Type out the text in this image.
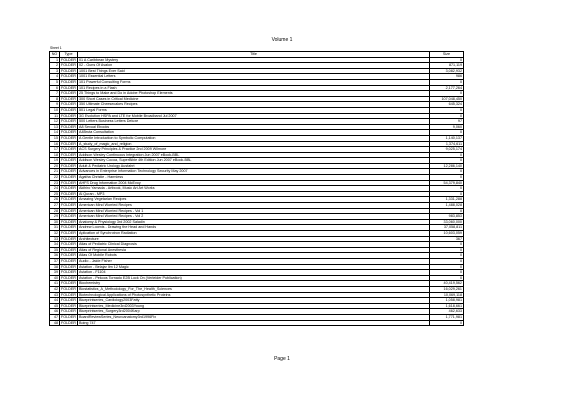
Volume 1
Sheet 1
NO	Type	Title	Size
1	FOLDER	01 A Caribbean Mystery	0
2	FOLDER	02 - Guns Of Avalon	871,119
3	FOLDER	1001 Best Things Ever Said	3,082,932
4	FOLDER	1001 Essential Letters	986
5	FOLDER	101 Powerful Consulting Forms	0
6	FOLDER	101 Recipes in a Flash	2,177,264
7	FOLDER	25 Things to Make and Do in Adobe Photoshop Elements	0
8	FOLDER	300 Short Cases in Critical Medicine	107,048,450
9	FOLDER	350 Ultimate Cheesecakes Recipes	645,324
10	FOLDER	501 Legal Forms	0
11	FOLDER	3G Evolution HSPA and LTE for Mobile Broadband Jul 2007	0
12	FOLDER	500 Letters Business Letters Deluxe	97
13	FOLDER	A8 Sexual Ebooks	9,060
14	FOLDER	A4Bruta Consultation	0
15	FOLDER	A Gentle Introduction to Symbolic Computation	1,140,137
16	FOLDER	A_study_of_magic_and_religion	1,374,611
17	FOLDER	ACS Surgery Principles & Practice 2nd 2009 Wilmore	9,025,174
18	FOLDER	Addison Wesley Continuous Integration Jun 2007 eBook-BBL	0
19	FOLDER	Addison Wesley Cocoa, SuperBible 4th Edition Jun 2007 eBook-BBL	0
20	FOLDER	Adult & Pediatric Urology Ausfahrt	12,286,140
21	FOLDER	Advances in Enterprise Information Technology Security May 2007	0
22	FOLDER	Agatha Christie - Harmless	0
23	FOLDER	AHFS Drug Information 2004 McEvoy	54,379,840
24	FOLDER	Akihiro Yamada - Artbook, Music Art Art Works	0
25	FOLDER	Al Quran - MP3	0
26	FOLDER	Amazing Vegetarian Recipes	1,331,288
27	FOLDER	American Mind Worried Recipes	1,488,028
28	FOLDER	American Mind Worried Recipes - Vol 1	0
29	FOLDER	American Mind Worried Recipes - Vol 2	983,853
30	FOLDER	Anatomy & Physiology 3rd 2002 Saladin	33,060,000
31	FOLDER	Andrew Loomis - Drawing the Head and Hands	37,058,811
32	FOLDER	Aplication of Synchrotron Radiation	10,603,059
33	FOLDER	Architecture	367
34	FOLDER	Atlas of Pediatric Clinical Diagnosis	0
35	FOLDER	Atlas of Regional Anesthesia	0
36	FOLDER	Atlas Of Mobile Robots	0
37	FOLDER	Audio - Jaide Fisher	0
38	FOLDER	Aviation - Belajar Ilm 12 Magic	0
39	FOLDER	Aviation - F1104	0
40	FOLDER	Aviation - Pekoos Tornado E2B Lock On (Verleider Publication)	0
41	FOLDER	Biochemistry	40,419,562
42	FOLDER	Biostatistics_A_Methodology_For_The_Health_Sciences	16,029,261
43	FOLDER	Biotechnological Applications of Photosynthetic Proteins	10,069,118
44	FOLDER	Blueprintseries_Cardiology2003Fatty	1,058,981
45	FOLDER	Blueprintseries_Medicine3rd2003Young	1,618,661
46	FOLDER	Blueprintseries_Surgery3rd2004Karp	462,633
47	FOLDER	BoardReviewSeries_Neuroanatomy3rd1996Fix	1,771,981
48	FOLDER	Boing 747	0
Page 1
